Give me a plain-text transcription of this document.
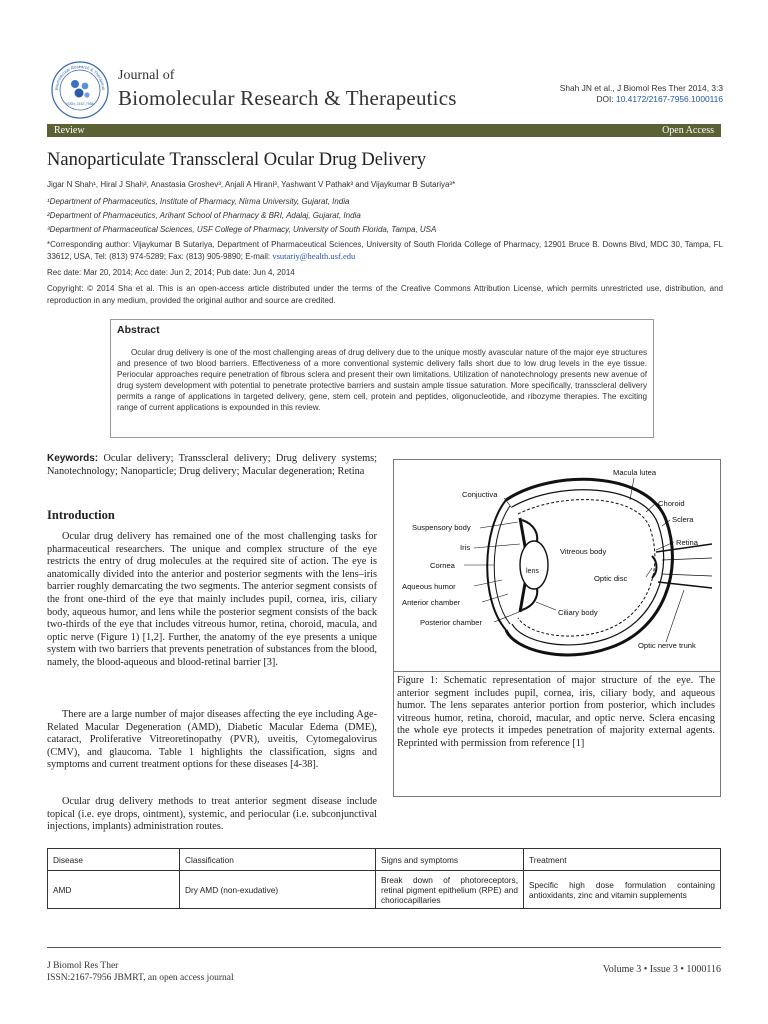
Biomolecular Research & Therapeuti
ISSN: 2167-7956
Journal of
Biomolecular Research & Therapeutics	Shah JN et al., J Biomol Res Ther 2014, 3:3
DOI: 10.4172/2167-7956.1000116
Review	Open Access
Nanoparticulate Transscleral Ocular Drug Delivery
Jigar N Shah¹, Hiral J Shah², Anastasia Groshev³, Anjali A Hirani³, Yashwant V Pathak³ and Vijaykumar B Sutariya³*
¹Department of Pharmaceutics, Institute of Pharmacy, Nirma University, Gujarat, India
²Department of Pharmaceutics, Arihant School of Pharmacy & BRI, Adalaj, Gujarat, India
³Department of Pharmaceutical Sciences, USF College of Pharmacy, University of South Florida, Tampa, USA
*Corresponding author: Vijaykumar B Sutariya, Department of Pharmaceutical Sciences, University of South Florida College of Pharmacy, 12901 Bruce B. Downs Blvd, MDC 30, Tampa, FL 33612, USA, Tel: (813) 974-5289; Fax: (813) 905-9890; E-mail: vsutariy@health.usf.edu
Rec date: Mar 20, 2014; Acc date: Jun 2, 2014; Pub date: Jun 4, 2014
Copyright: © 2014 Sha et al. This is an open-access article distributed under the terms of the Creative Commons Attribution License, which permits unrestricted use, distribution, and reproduction in any medium, provided the original author and source are credited.
Abstract
Ocular drug delivery is one of the most challenging areas of drug delivery due to the unique mostly avascular nature of the major eye structures and presence of two blood barriers. Effectiveness of a more conventional systemic delivery falls short due to low drug levels in the eye tissue. Periocular approaches require penetration of fibrous sclera and present their own limitations. Utilization of nanotechnology presents new avenue of drug system development with potential to penetrate protective barriers and sustain ample tissue saturation. More specifically, transscleral delivery permits a range of applications in targeted delivery, gene, stem cell, protein and peptides, oligonucleotide, and ribozyme therapies. The exciting range of current applications is expounded in this review.
Keywords: Ocular delivery; Transscleral delivery; Drug delivery systems; Nanotechnology; Nanoparticle; Drug delivery; Macular degeneration; Retina
Introduction
Ocular drug delivery has remained one of the most challenging tasks for pharmaceutical researchers. The unique and complex structure of the eye restricts the entry of drug molecules at the required site of action. The eye is anatomically divided into the anterior and posterior segments with the lens–iris barrier roughly demarcating the two segments. The anterior segment consists of the front one-third of the eye that mainly includes pupil, cornea, iris, ciliary body, aqueous humor, and lens while the posterior segment consists of the back two-thirds of the eye that includes vitreous humor, retina, choroid, macula, and optic nerve (Figure 1) [1,2]. Further, the anatomy of the eye presents a unique system with two barriers that prevents penetration of substances from the blood, namely, the blood-aqueous and blood-retinal barrier [3].
There are a large number of major diseases affecting the eye including Age-Related Macular Degeneration (AMD), Diabetic Macular Edema (DME), cataract, Proliferative Vitreoretinopathy (PVR), uveitis, Cytomegalovirus (CMV), and glaucoma. Table 1 highlights the classification, signs and symptoms and current treatment options for these diseases [4-38].
Ocular drug delivery methods to treat anterior segment disease include topical (i.e. eye drops, ointment), systemic, and periocular (i.e. subconjunctival injections, implants) administration routes.
Macula lutea
Conjuctiva
Choroid
Sclera
Suspensory body
Retina
Iris	Vitreous body
Cornea
lens
Optic disc
Aqueous humor
Anterior chamber
Ciliary body
Posterior chamber
Optic nerve trunk
Figure 1: Schematic representation of major structure of the eye. The anterior segment includes pupil, cornea, iris, ciliary body, and aqueous humor. The lens separates anterior portion from posterior, which includes vitreous humor, retina, choroid, macular, and optic nerve. Sclera encasing the whole eye protects it impedes penetration of majority external agents. Reprinted with permission from reference [1]
Disease	Classification	Signs and symptoms	Treatment
AMD	Dry AMD (non-exudative)	Break down of photoreceptors, retinal pigment epithelium (RPE) and choriocapillaries	Specific high dose formulation containing antioxidants, zinc and vitamin supplements
J Biomol Res Ther
ISSN:2167-7956 JBMRT, an open access journal
Volume 3 • Issue 3 • 1000116
